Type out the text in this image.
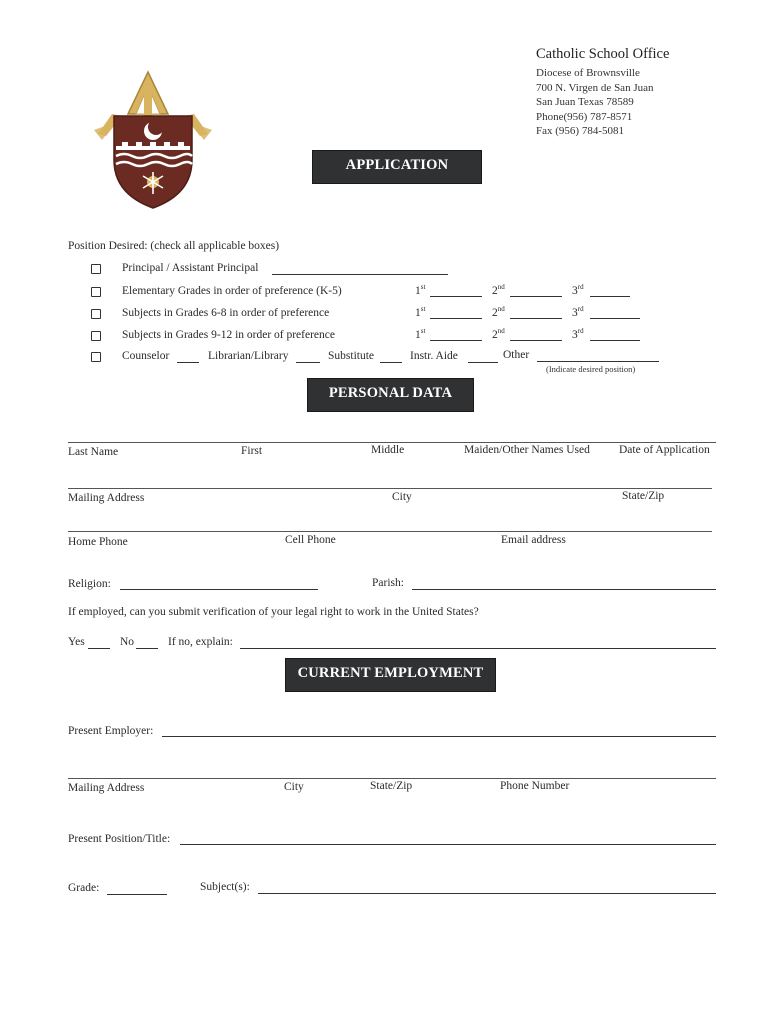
Catholic School Office
Diocese of Brownsville
700 N. Virgen de San Juan
San Juan Texas 78589
Phone(956) 787-8571
Fax (956) 784-5081
APPLICATION
Position Desired: (check all applicable boxes)
Principal / Assistant Principal
Elementary Grades in order of preference (K-5)	1st	2nd	3rd
Subjects in Grades 6-8 in order of preference	1st	2nd	3rd
Subjects in Grades 9-12 in order of preference	1st	2nd	3rd
Counselor	Librarian/Library	Substitute	Instr. Aide	Other
(Indicate desired position)
PERSONAL DATA
Last Name	First	Middle	Maiden/Other Names Used	Date of Application
Mailing Address	City	State/Zip
Home Phone	Cell Phone	Email address
Religion:	Parish:
If employed, can you submit verification of your legal right to work in the United States?
Yes	No	If no, explain:
CURRENT EMPLOYMENT
Present Employer:
Mailing Address	City	State/Zip	Phone Number
Present Position/Title:
Grade:	Subject(s):
